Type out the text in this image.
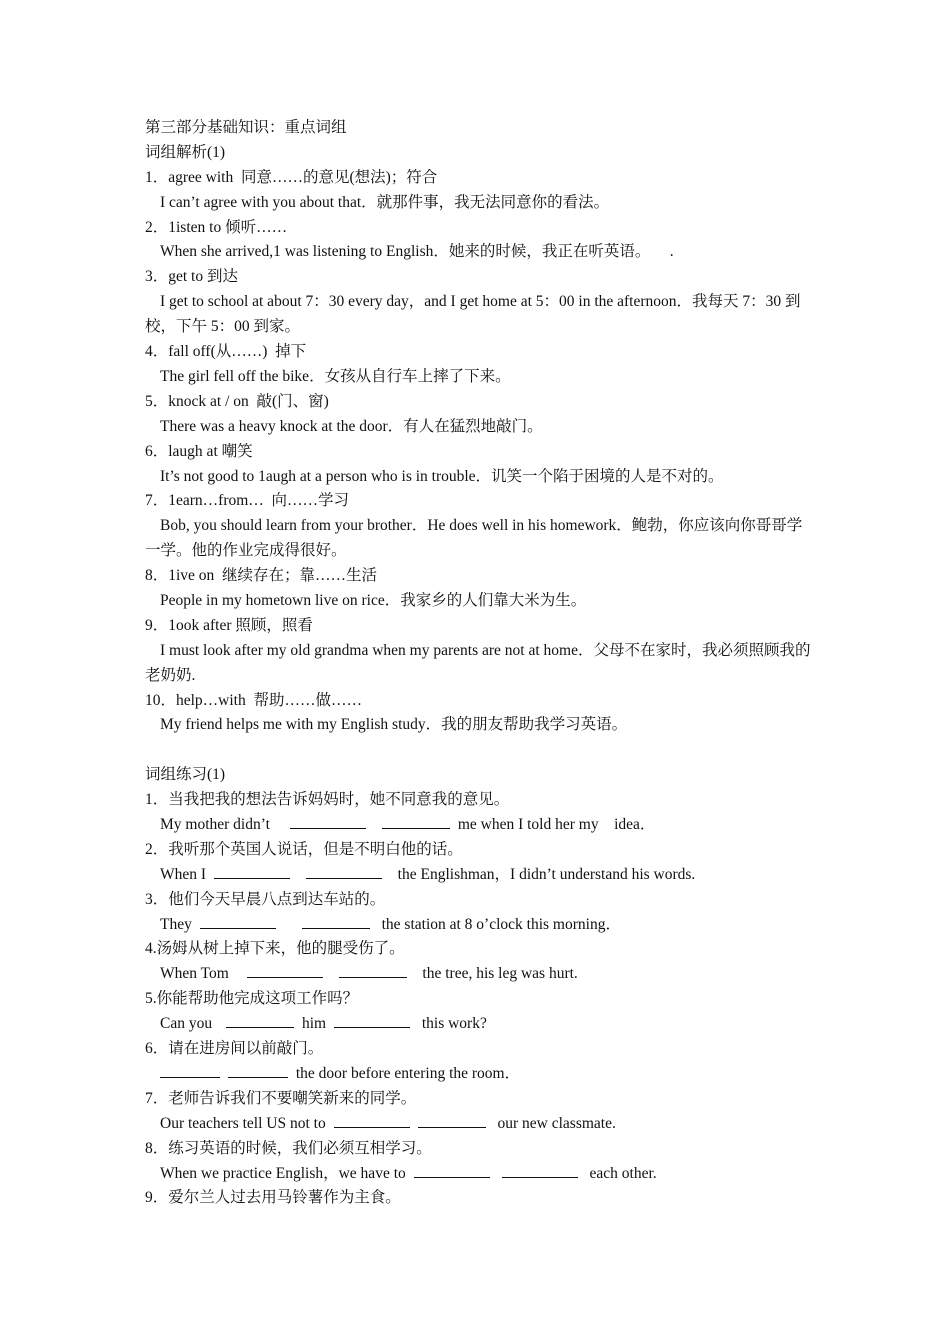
第三部分基础知识：重点词组
词组解析(1)
1．agree with  同意……的意见(想法)；符合
I can’t agree with you about that．就那件事，我无法同意你的看法。
2．1isten to 倾听……
When she arrived,1 was listening to English．她来的时候，我正在听英语。     .
3．get to 到达
I get to school at about 7：30 every day，and I get home at 5：00 in the afternoon．我每天 7：30 到校，下午 5：00 到家。
4．fall off(从……)  掉下
The girl fell off the bike．女孩从自行车上摔了下来。
5．knock at / on  敲(门、窗)
There was a heavy knock at the door．有人在猛烈地敲门。
6．laugh at 嘲笑
It’s not good to 1augh at a person who is in trouble．讥笑一个陷于困境的人是不对的。
7．1earn…from…  向……学习
Bob, you should learn from your brother．He does well in his homework．鲍勃，你应该向你哥哥学一学。他的作业完成得很好。
8．1ive on  继续存在；靠……生活
People in my hometown live on rice．我家乡的人们靠大米为生。
9．1ook after 照顾，照看
I must look after my old grandma when my parents are not at home．父母不在家时，我必须照顾我的老奶奶.
10．help…with  帮助……做……
My friend helps me with my English study．我的朋友帮助我学习英语。
词组练习(1)
1．当我把我的想法告诉妈妈时，她不同意我的意见。
My mother didn’t	me when I told her my    idea．
2．我听那个英国人说话，但是不明白他的话。
When I	the Englishman，I didn’t understand his words.
3．他们今天早晨八点到达车站的。
They	the station at 8 o’clock this morning．
4.汤姆从树上掉下来，他的腿受伤了。
When Tom	the tree, his leg was hurt.
5.你能帮助他完成这项工作吗？
Can you	him	this work?
6．请在进房间以前敲门。
the door before entering the room．
7．老师告诉我们不要嘲笑新来的同学。
Our teachers tell US not to	our new classmate.
8．练习英语的时候，我们必须互相学习。
When we practice English，we have to	each other.
9．爱尔兰人过去用马铃薯作为主食。
